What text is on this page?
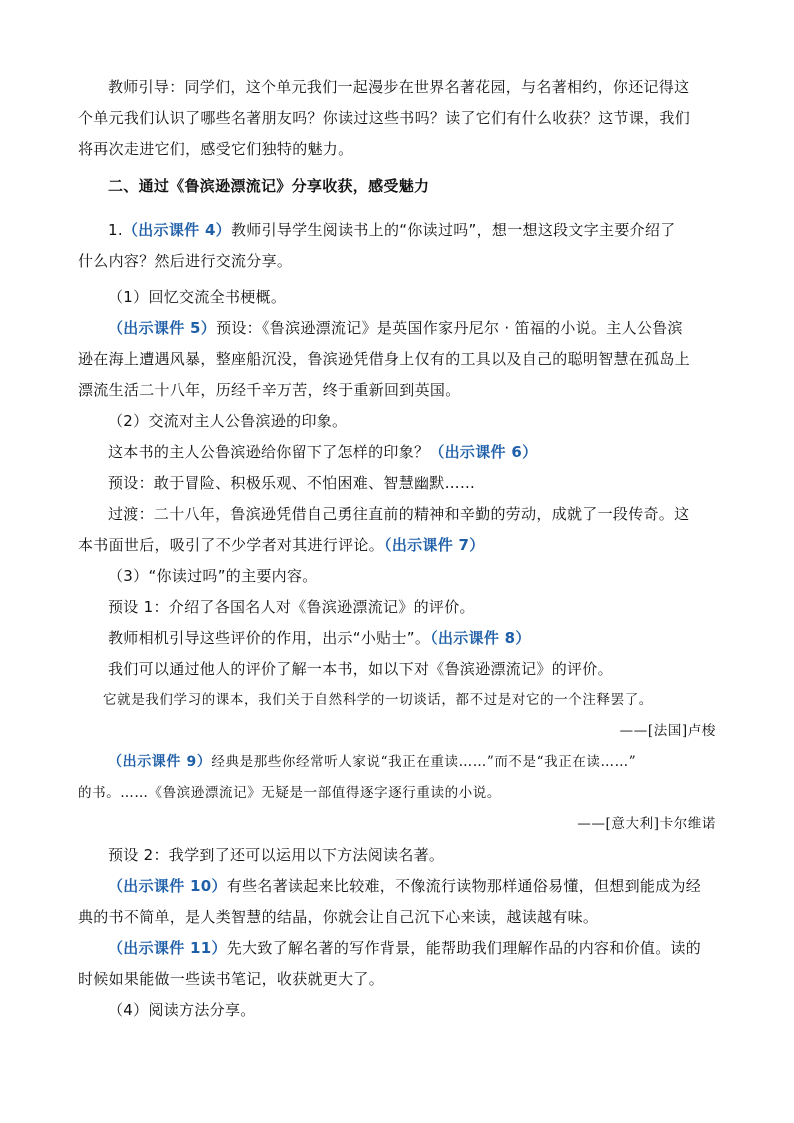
教师引导：同学们，这个单元我们一起漫步在世界名著花园，与名著相约，你还记得这
个单元我们认识了哪些名著朋友吗？你读过这些书吗？读了它们有什么收获？这节课，我们
将再次走进它们，感受它们独特的魅力。
二、通过《鲁滨逊漂流记》分享收获，感受魅力
1.（出示课件 4）教师引导学生阅读书上的“你读过吗”，想一想这段文字主要介绍了
什么内容？然后进行交流分享。
（1）回忆交流全书梗概。
（出示课件 5）预设：《鲁滨逊漂流记》是英国作家丹尼尔 · 笛福的小说。主人公鲁滨
逊在海上遭遇风暴，整座船沉没，鲁滨逊凭借身上仅有的工具以及自己的聪明智慧在孤岛上
漂流生活二十八年，历经千辛万苦，终于重新回到英国。
（2）交流对主人公鲁滨逊的印象。
这本书的主人公鲁滨逊给你留下了怎样的印象？（出示课件 6）
预设：敢于冒险、积极乐观、不怕困难、智慧幽默……
过渡：二十八年，鲁滨逊凭借自己勇往直前的精神和辛勤的劳动，成就了一段传奇。这
本书面世后，吸引了不少学者对其进行评论。（出示课件 7）
（3）“你读过吗”的主要内容。
预设 1：介绍了各国名人对《鲁滨逊漂流记》的评价。
教师相机引导这些评价的作用，出示“小贴士”。（出示课件 8）
我们可以通过他人的评价了解一本书，如以下对《鲁滨逊漂流记》的评价。
它就是我们学习的课本，我们关于自然科学的一切谈话，都不过是对它的一个注释罢了。
——[法国]卢梭
（出示课件 9）经典是那些你经常听人家说“我正在重读……”而不是“我正在读……”
的书。……《鲁滨逊漂流记》无疑是一部值得逐字逐行重读的小说。
——[意大利]卡尔维诺
预设 2：我学到了还可以运用以下方法阅读名著。
（出示课件 10）有些名著读起来比较难，不像流行读物那样通俗易懂，但想到能成为经
典的书不简单，是人类智慧的结晶，你就会让自己沉下心来读，越读越有味。
（出示课件 11）先大致了解名著的写作背景，能帮助我们理解作品的内容和价值。读的
时候如果能做一些读书笔记，收获就更大了。
（4）阅读方法分享。
